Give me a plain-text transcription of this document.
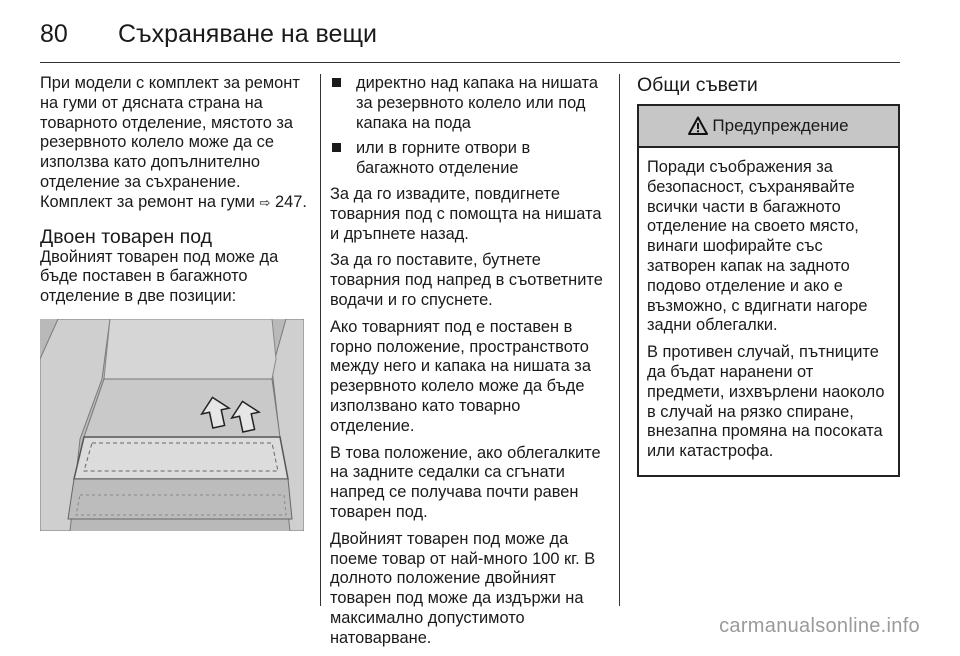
80	Съхраняване на вещи

При модели с комплект за ремонт на гуми от дясната страна на товарното отделение, мястото за резервното колело може да се използва като допълнително отделение за съхранение. Комплект за ремонт на гуми ⇨ 247.

Двоен товарен под

Двойният товарен под може да бъде поставен в багажното отделение в две позиции:

директно над капака на нишата за резервното колело или под капака на пода
или в горните отвори в багажното отделение

За да го извадите, повдигнете товарния под с помощта на нишата и дръпнете назад.

За да го поставите, бутнете товарния под напред в съответните водачи и го спуснете.

Ако товарният под е поставен в горно положение, пространството между него и капака на нишата за резервното колело може да бъде използвано като товарно отделение.

В това положение, ако облегалките на задните седалки са сгънати напред се получава почти равен товарен под.

Двойният товарен под може да поеме товар от най-много 100 кг. В долното положение двойният товарен под може да издържи на максимално допустимото натоварване.

Общи съвети
Предупреждение

Поради съображения за безопасност, съхранявайте всички части в багажното отделение на своето място, винаги шофирайте със затворен капак на задното подово отделение и ако е възможно, с вдигнати нагоре задни облегалки.

В противен случай, пътниците да бъдат наранени от предмети, изхвърлени наоколо в случай на рязко спиране, внезапна промяна на посоката или катастрофа.

carmanualsonline.info
